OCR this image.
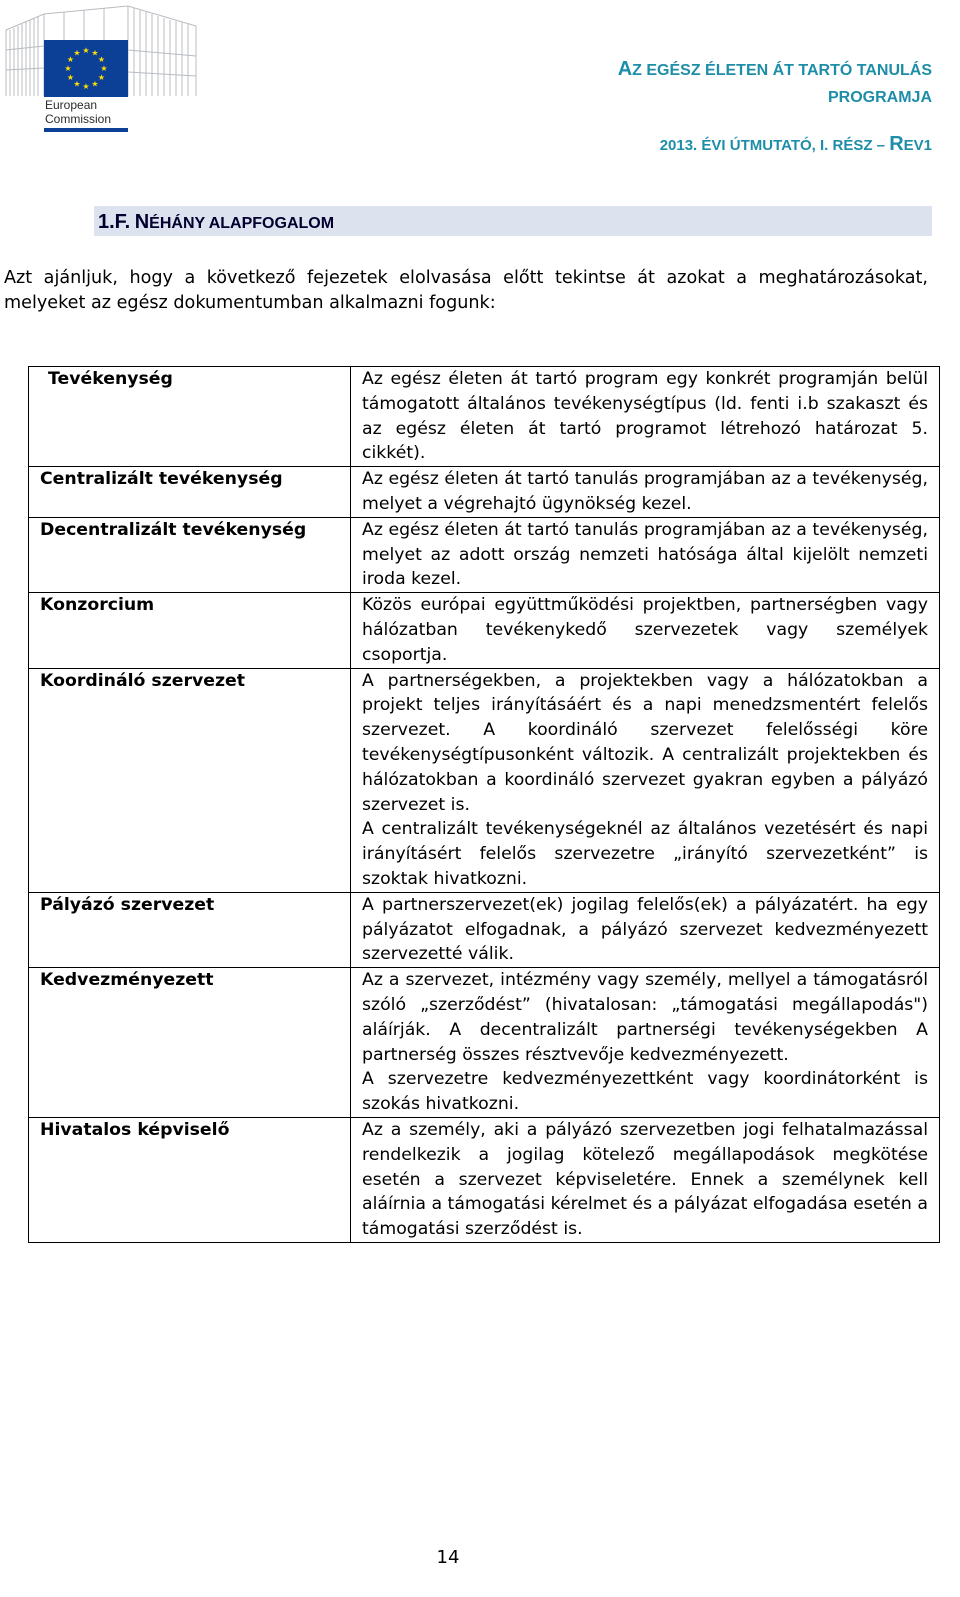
★ ★
★
★
★
★
★
★
★
★
★
★
European
Commission
AZ EGÉSZ ÉLETEN ÁT TARTÓ TANULÁS PROGRAMJA
2013. ÉVI ÚTMUTATÓ, I. RÉSZ – REV1
1.F. NÉHÁNY ALAPFOGALOM
Azt ajánljuk, hogy a következő fejezetek elolvasása előtt tekintse át azokat a meghatározásokat, melyeket az egész dokumentumban alkalmazni fogunk:
Tevékenység	Az egész életen át tartó program egy konkrét programján belül támogatott általános tevékenységtípus (ld. fenti i.b szakaszt és az egész életen át tartó programot létrehozó határozat 5. cikkét).

Centralizált tevékenység	Az egész életen át tartó tanulás programjában az a tevékenység, melyet a végrehajtó ügynökség kezel.

Decentralizált tevékenység	Az egész életen át tartó tanulás programjában az a tevékenység, melyet az adott ország nemzeti hatósága által kijelölt nemzeti iroda kezel.

Konzorcium	Közös európai együttműködési projektben, partnerségben vagy hálózatban tevékenykedő szervezetek vagy személyek csoportja.

Koordináló szervezet	A partnerségekben, a projektekben vagy a hálózatokban a projekt teljes irányításáért és a napi menedzsmentért felelős szervezet. A koordináló szervezet felelősségi köre tevékenységtípusonként változik. A centralizált projektekben és hálózatokban a koordináló szervezet gyakran egyben a pályázó szervezet is.
A centralizált tevékenységeknél az általános vezetésért és napi irányításért felelős szervezetre „irányító szervezetként” is szoktak hivatkozni.

Pályázó szervezet	A partnerszervezet(ek) jogilag felelős(ek) a pályázatért. ha egy pályázatot elfogadnak, a pályázó szervezet kedvezményezett szervezetté válik.

Kedvezményezett	Az a szervezet, intézmény vagy személy, mellyel a támogatásról szóló „szerződést” (hivatalosan: „támogatási megállapodás") aláírják. A decentralizált partnerségi tevékenységekben A partnerség összes résztvevője kedvezményezett.
A szervezetre kedvezményezettként vagy koordinátorként is szokás hivatkozni.

Hivatalos képviselő	Az a személy, aki a pályázó szervezetben jogi felhatalmazással rendelkezik a jogilag kötelező megállapodások megkötése esetén a szervezet képviseletére. Ennek a személynek kell aláírnia a támogatási kérelmet és a pályázat elfogadása esetén a támogatási szerződést is.
14
